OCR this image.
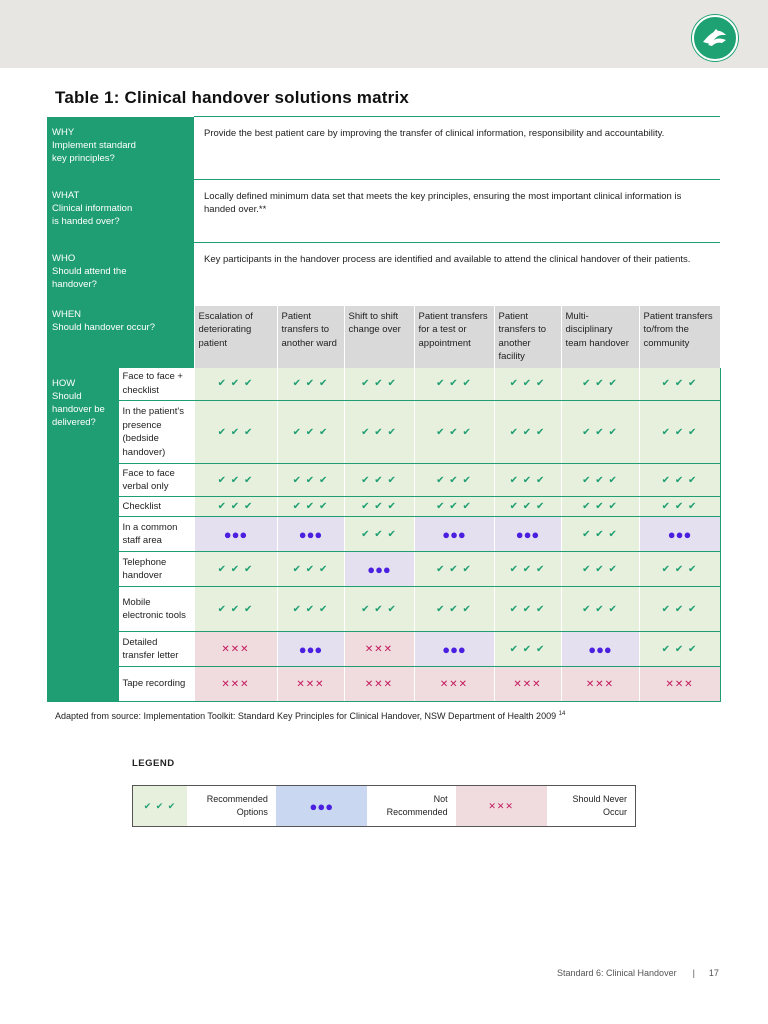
Table 1: Clinical handover solutions matrix
WHY
Implement standard
key principles?		Provide the best patient care by improving the transfer of clinical information, responsibility and accountability.						
WHAT
Clinical information
is handed over?		Locally defined minimum data set that meets the key principles, ensuring the most important clinical information is handed over.**						
WHO
Should attend the
handover?		Key participants in the handover process are identified and available to attend the clinical handover of their patients.						
WHEN
Should handover occur?		Escalation of deteriorating patient	Patient transfers to another ward	Shift to shift change over	Patient transfers for a test or appointment	Patient transfers to another facility	Multi-disciplinary team handover	Patient transfers to/from the community
HOW
Should
handover be
delivered?	Face to face + checklist	✔ ✔ ✔	✔ ✔ ✔	✔ ✔ ✔	✔ ✔ ✔	✔ ✔ ✔	✔ ✔ ✔	✔ ✔ ✔
	In the patient's presence (bedside handover)	✔ ✔ ✔	✔ ✔ ✔	✔ ✔ ✔	✔ ✔ ✔	✔ ✔ ✔	✔ ✔ ✔	✔ ✔ ✔
	Face to face verbal only	✔ ✔ ✔	✔ ✔ ✔	✔ ✔ ✔	✔ ✔ ✔	✔ ✔ ✔	✔ ✔ ✔	✔ ✔ ✔
	Checklist	✔ ✔ ✔	✔ ✔ ✔	✔ ✔ ✔	✔ ✔ ✔	✔ ✔ ✔	✔ ✔ ✔	✔ ✔ ✔
	In a common staff area	●●●	●●●	✔ ✔ ✔	●●●	●●●	✔ ✔ ✔	●●●
	Telephone handover	✔ ✔ ✔	✔ ✔ ✔	●●●	✔ ✔ ✔	✔ ✔ ✔	✔ ✔ ✔	✔ ✔ ✔
	Mobile electronic tools	✔ ✔ ✔	✔ ✔ ✔	✔ ✔ ✔	✔ ✔ ✔	✔ ✔ ✔	✔ ✔ ✔	✔ ✔ ✔
	Detailed transfer letter	✕✕✕	●●●	✕✕✕	●●●	✔ ✔ ✔	●●●	✔ ✔ ✔
	Tape recording	✕✕✕	✕✕✕	✕✕✕	✕✕✕	✕✕✕	✕✕✕	✕✕✕
Adapted from source: Implementation Toolkit: Standard Key Principles for Clinical Handover, NSW Department of Health 2009 $^{14}$
LEGEND
✔ ✔ ✔	Recommended Options	●●●	Not Recommended	✕✕✕	Should Never Occur
Standard 6: Clinical Handover | 17
